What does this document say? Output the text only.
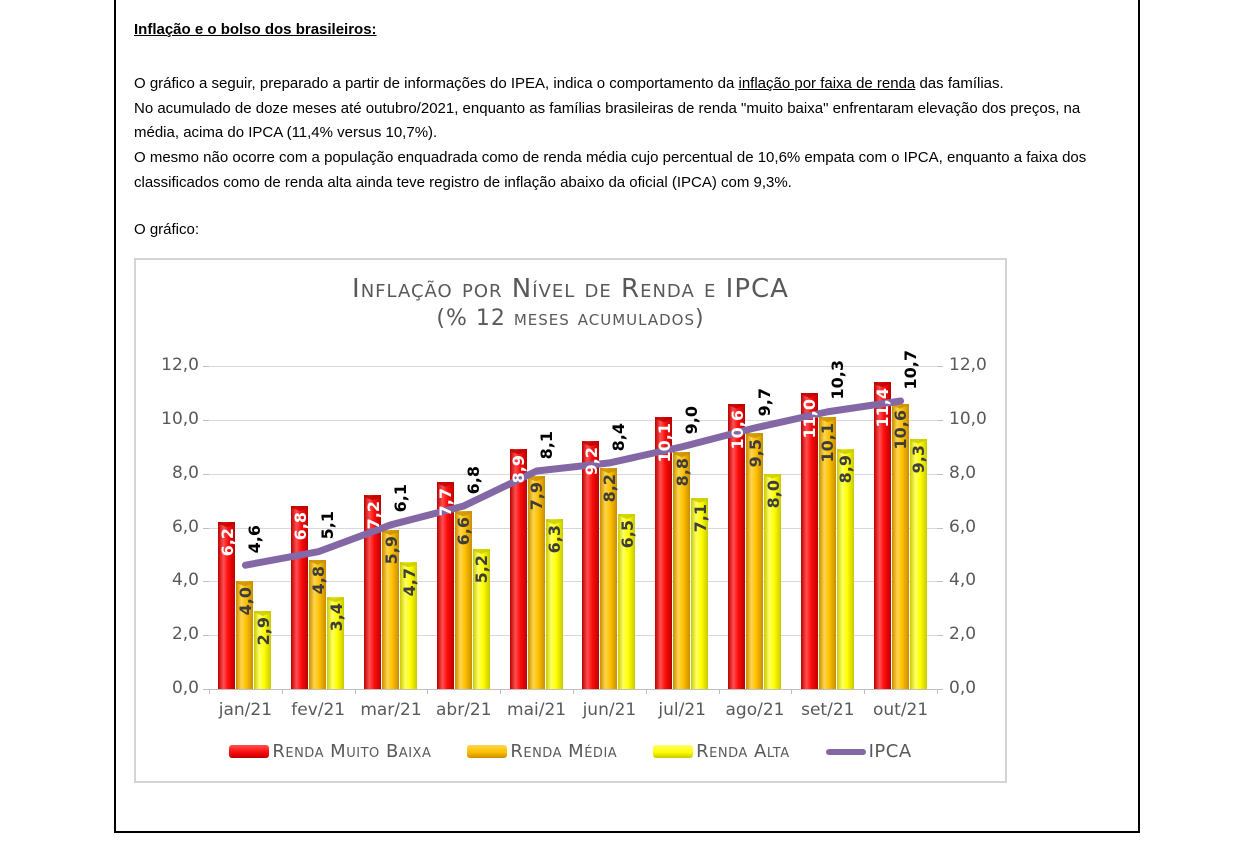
Inflação e o bolso dos brasileiros:

O gráfico a seguir, preparado a partir de informações do IPEA, indica o comportamento da inflação por faixa de renda das famílias.

No acumulado de doze meses até outubro/2021, enquanto as famílias brasileiras de renda "muito baixa" enfrentaram elevação dos preços, na média, acima do IPCA (11,4% versus 10,7%).

O mesmo não ocorre com a população enquadrada como de renda média cujo percentual de 10,6% empata com o IPCA, enquanto a faixa dos classificados como de renda alta ainda teve registro de inflação abaixo da oficial (IPCA) com 9,3%.

O gráfico:

Inflação por Nível de Renda e IPCA
(% 12 meses acumulados)
0,0	0,0
2,0	2,0
4,0	4,0
6,0	6,0
8,0	8,0
10,0	10,0
12,0	12,0
jan/21	fev/21 mar/21 abr/21 mai/21 jun/21	jul/21	ago/21 set/21	out/21
6,2
6,8	7,2	7,7
8,9	9,2	10,1	10,6	11,0	11,4
4,0
4,8
5,9
6,6
7,9	8,2
8,8
9,5	10,1	10,6
2,9	3,4
4,7	5,2
6,3	6,5
7,1
8,0
8,9	9,3
4,6	5,1
6,1
6,8
8,1	8,4
9,0
9,7
10,3	10,7
Renda Muito Baixa	Renda Média	Renda Alta	IPCA
